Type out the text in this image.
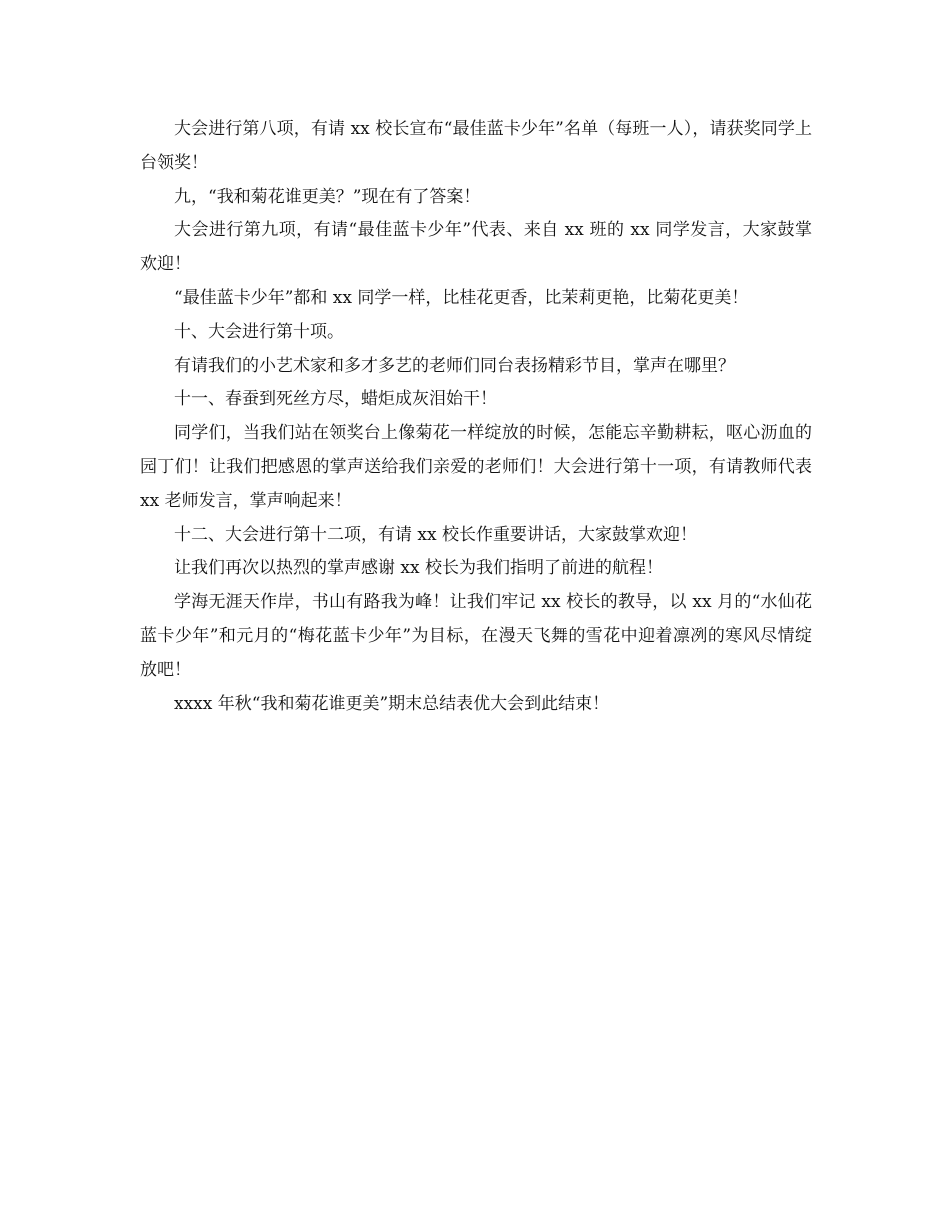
大会进行第八项，有请 xx 校长宣布“最佳蓝卡少年”名单（每班一人），请获奖同学上台领奖！

九，“我和菊花谁更美？”现在有了答案！

大会进行第九项，有请“最佳蓝卡少年”代表、来自 xx 班的 xx 同学发言，大家鼓掌欢迎！

“最佳蓝卡少年”都和 xx 同学一样，比桂花更香，比茉莉更艳，比菊花更美！

十、大会进行第十项。

有请我们的小艺术家和多才多艺的老师们同台表扬精彩节目，掌声在哪里？

十一、春蚕到死丝方尽，蜡炬成灰泪始干！

同学们，当我们站在领奖台上像菊花一样绽放的时候，怎能忘辛勤耕耘，呕心沥血的园丁们！让我们把感恩的掌声送给我们亲爱的老师们！大会进行第十一项，有请教师代表 xx 老师发言，掌声响起来！

十二、大会进行第十二项，有请 xx 校长作重要讲话，大家鼓掌欢迎！

让我们再次以热烈的掌声感谢 xx 校长为我们指明了前进的航程！

学海无涯天作岸，书山有路我为峰！让我们牢记 xx 校长的教导，以 xx 月的“水仙花蓝卡少年”和元月的“梅花蓝卡少年”为目标，在漫天飞舞的雪花中迎着凛冽的寒风尽情绽放吧！

xxxx 年秋“我和菊花谁更美”期末总结表优大会到此结束！
